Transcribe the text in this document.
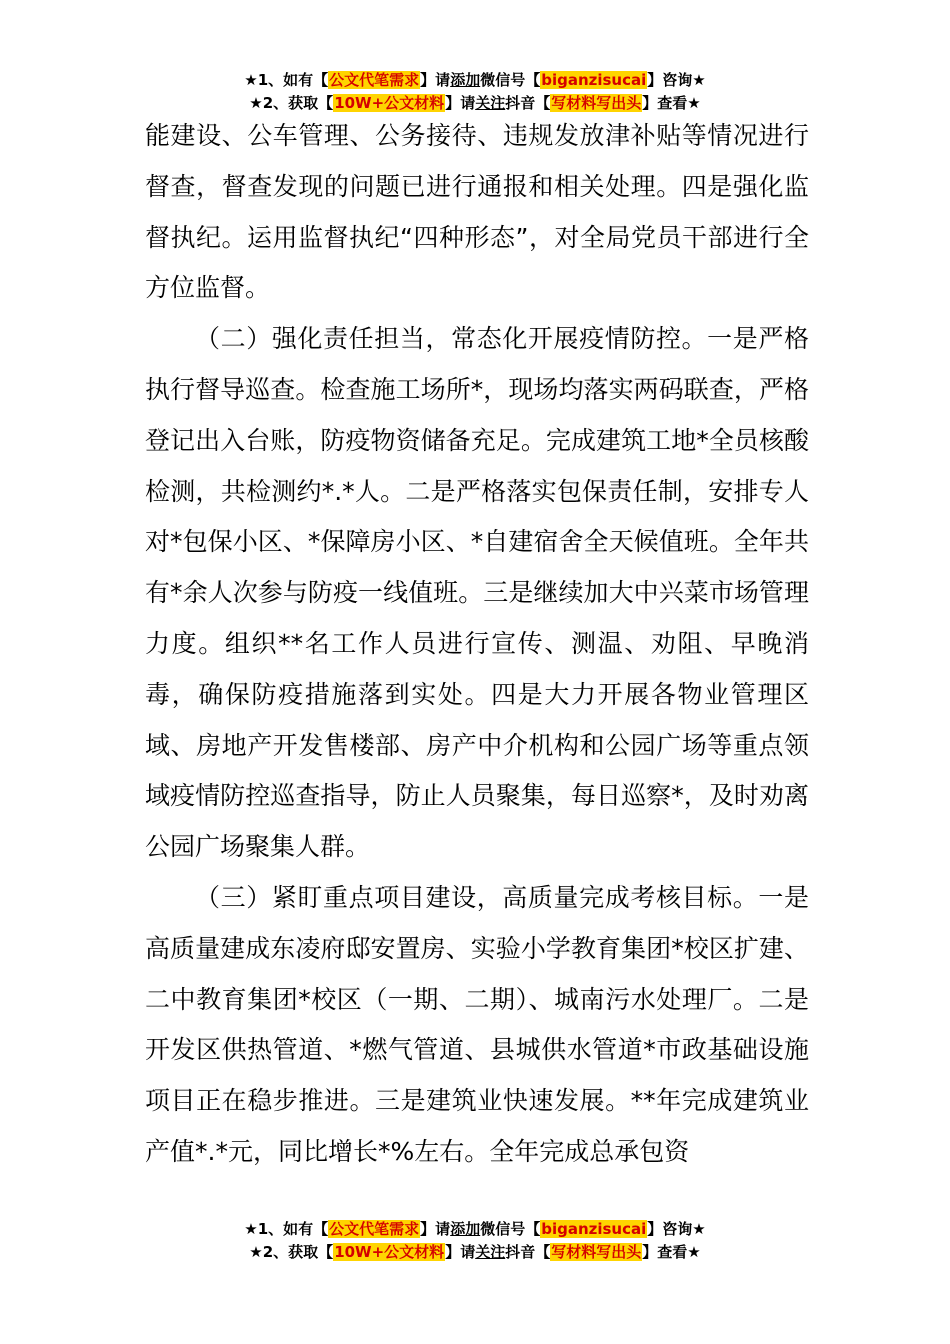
★1、如有【公文代笔需求】请添加微信号【biganzisucai】咨询★
★2、获取【10W+公文材料】请关注抖音【写材料写出头】查看★

能建设、公车管理、公务接待、违规发放津补贴等情况进行督查，督查发现的问题已进行通报和相关处理。四是强化监督执纪。运用监督执纪“四种形态”，对全局党员干部进行全方位监督。

（二）强化责任担当，常态化开展疫情防控。一是严格执行督导巡查。检查施工场所*，现场均落实两码联查，严格登记出入台账，防疫物资储备充足。完成建筑工地*全员核酸检测，共检测约*.*人。二是严格落实包保责任制，安排专人对*包保小区、*保障房小区、*自建宿舍全天候值班。全年共有*余人次参与防疫一线值班。三是继续加大中兴菜市场管理力度。组织**名工作人员进行宣传、测温、劝阻、早晚消毒，确保防疫措施落到实处。四是大力开展各物业管理区域、房地产开发售楼部、房产中介机构和公园广场等重点领域疫情防控巡查指导，防止人员聚集，每日巡察*，及时劝离公园广场聚集人群。

（三）紧盯重点项目建设，高质量完成考核目标。一是高质量建成东凌府邸安置房、实验小学教育集团*校区扩建、二中教育集团*校区（一期、二期）、城南污水处理厂。二是开发区供热管道、*燃气管道、县城供水管道*市政基础设施项目正在稳步推进。三是建筑业快速发展。**年完成建筑业产值*.*元，同比增长*%左右。全年完成总承包资

★1、如有【公文代笔需求】请添加微信号【biganzisucai】咨询★
★2、获取【10W+公文材料】请关注抖音【写材料写出头】查看★
